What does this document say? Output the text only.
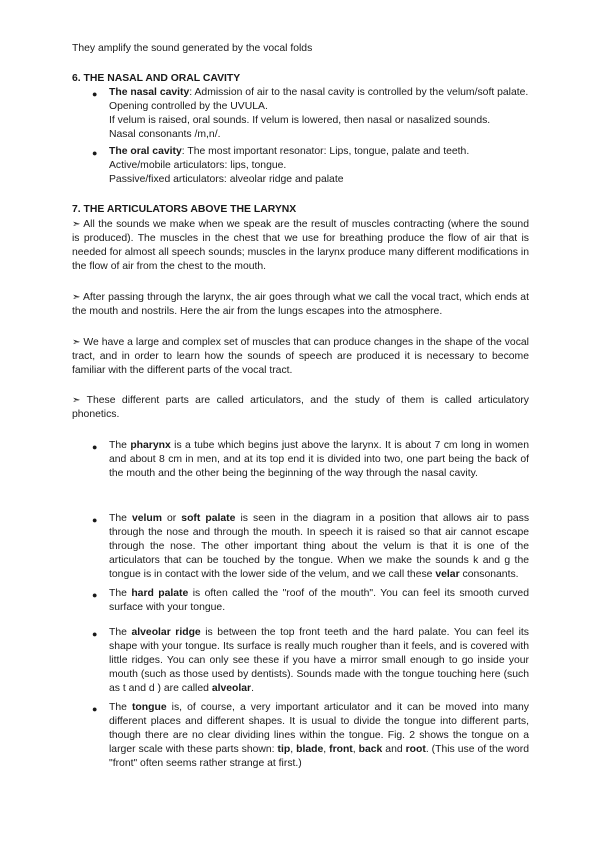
They amplify the sound generated by the vocal folds
6. THE NASAL AND ORAL CAVITY
● The nasal cavity: Admission of air to the nasal cavity is controlled by the velum/soft palate.
Opening controlled by the UVULA.
If velum is raised, oral sounds. If velum is lowered, then nasal or nasalized sounds.
Nasal consonants /m,n/.
● The oral cavity: The most important resonator: Lips, tongue, palate and teeth.
Active/mobile articulators: lips, tongue.
Passive/fixed articulators: alveolar ridge and palate
7. THE ARTICULATORS ABOVE THE LARYNX
➣ All the sounds we make when we speak are the result of muscles contracting (where the sound is produced). The muscles in the chest that we use for breathing produce the flow of air that is needed for almost all speech sounds; muscles in the larynx produce many different modifications in the flow of air from the chest to the mouth.
➣ After passing through the larynx, the air goes through what we call the vocal tract, which ends at the mouth and nostrils. Here the air from the lungs escapes into the atmosphere.
➣ We have a large and complex set of muscles that can produce changes in the shape of the vocal tract, and in order to learn how the sounds of speech are produced it is necessary to become familiar with the different parts of the vocal tract.
➣ These different parts are called articulators, and the study of them is called articulatory phonetics.
● The pharynx is a tube which begins just above the larynx. It is about 7 cm long in women and about 8 cm in men, and at its top end it is divided into two, one part being the back of the mouth and the other being the beginning of the way through the nasal cavity.
● The velum or soft palate is seen in the diagram in a position that allows air to pass through the nose and through the mouth. In speech it is raised so that air cannot escape through the nose. The other important thing about the velum is that it is one of the articulators that can be touched by the tongue. When we make the sounds k and g the tongue is in contact with the lower side of the velum, and we call these velar consonants.
● The hard palate is often called the "roof of the mouth". You can feel its smooth curved surface with your tongue.
● The alveolar ridge is between the top front teeth and the hard palate. You can feel its shape with your tongue. Its surface is really much rougher than it feels, and is covered with little ridges. You can only see these if you have a mirror small enough to go inside your mouth (such as those used by dentists). Sounds made with the tongue touching here (such as t and d ) are called alveolar.
● The tongue is, of course, a very important articulator and it can be moved into many different places and different shapes. It is usual to divide the tongue into different parts, though there are no clear dividing lines within the tongue. Fig. 2 shows the tongue on a larger scale with these parts shown: tip, blade, front, back and root. (This use of the word "front" often seems rather strange at first.)
